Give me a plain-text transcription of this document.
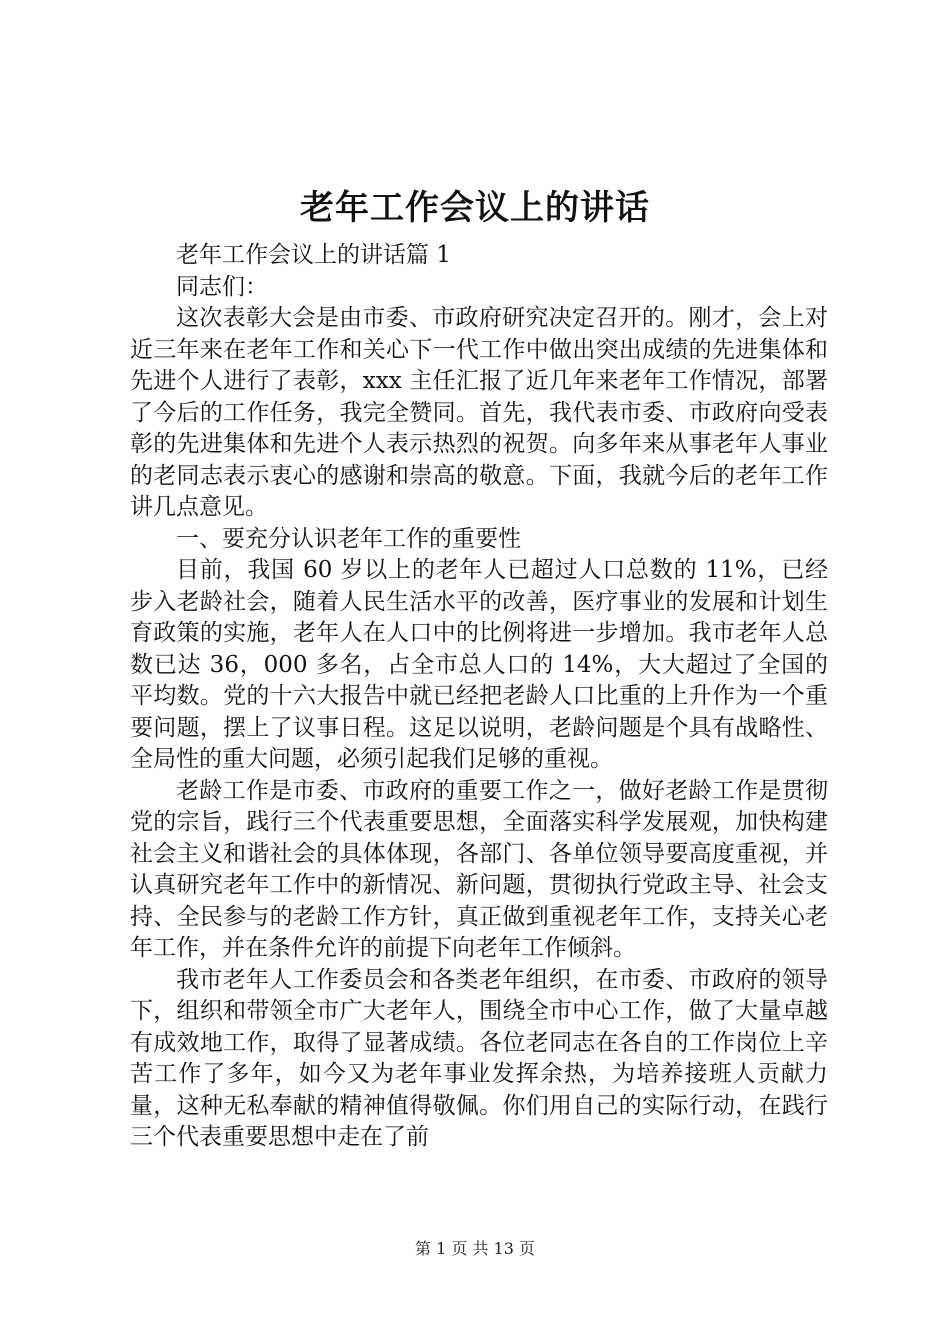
老年工作会议上的讲话

老年工作会议上的讲话篇 1

同志们：

这次表彰大会是由市委、市政府研究决定召开的。刚才，会上对近三年来在老年工作和关心下一代工作中做出突出成绩的先进集体和先进个人进行了表彰，xxx 主任汇报了近几年来老年工作情况，部署了今后的工作任务，我完全赞同。首先，我代表市委、市政府向受表彰的先进集体和先进个人表示热烈的祝贺。向多年来从事老年人事业的老同志表示衷心的感谢和崇高的敬意。下面，我就今后的老年工作讲几点意见。

一、要充分认识老年工作的重要性

目前，我国 60 岁以上的老年人已超过人口总数的 11%，已经步入老龄社会，随着人民生活水平的改善，医疗事业的发展和计划生育政策的实施，老年人在人口中的比例将进一步增加。我市老年人总数已达 36，000 多名，占全市总人口的 14%，大大超过了全国的平均数。党的十六大报告中就已经把老龄人口比重的上升作为一个重要问题，摆上了议事日程。这足以说明，老龄问题是个具有战略性、全局性的重大问题，必须引起我们足够的重视。

老龄工作是市委、市政府的重要工作之一，做好老龄工作是贯彻党的宗旨，践行三个代表重要思想，全面落实科学发展观，加快构建社会主义和谐社会的具体体现，各部门、各单位领导要高度重视，并认真研究老年工作中的新情况、新问题，贯彻执行党政主导、社会支持、全民参与的老龄工作方针，真正做到重视老年工作，支持关心老年工作，并在条件允许的前提下向老年工作倾斜。

我市老年人工作委员会和各类老年组织，在市委、市政府的领导下，组织和带领全市广大老年人，围绕全市中心工作，做了大量卓越有成效地工作，取得了显著成绩。各位老同志在各自的工作岗位上辛苦工作了多年，如今又为老年事业发挥余热，为培养接班人贡献力量，这种无私奉献的精神值得敬佩。你们用自己的实际行动，在践行三个代表重要思想中走在了前

第 1 页 共 13 页
